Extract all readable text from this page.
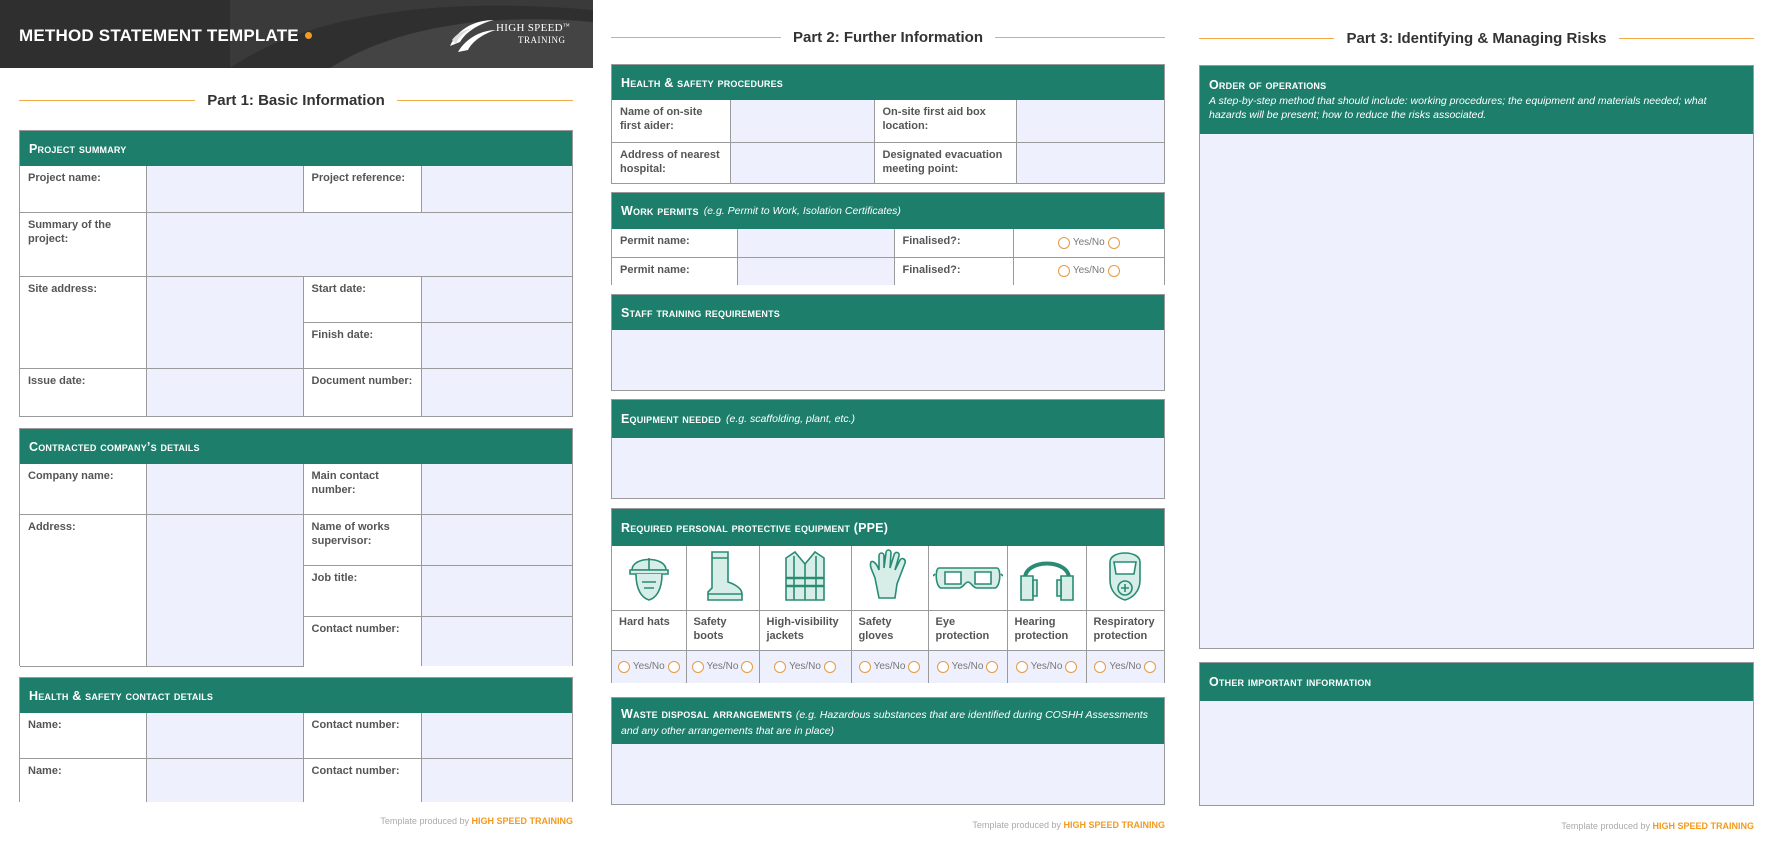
METHOD STATEMENT TEMPLATE	HIGH SPEED™
TRAINING
Part 1: Basic Information
Project summary
Project name:		Project reference:	
Summary of the project:			
Site address:		Start date:	
		Finish date:	
Issue date:		Document number:	
Contracted company’s details
Company name:		Main contact number:	
Address:		Name of works supervisor:	
		Job title:	
		Contact number:	
Health & safety contact details
Name:		Contact number:	
Name:		Contact number:	
Template produced by HIGH SPEED TRAINING
Part 2: Further Information
Health & safety procedures
Name of on-site first aider:		On-site first aid box location:	
Address of nearest hospital:		Designated evacuation meeting point:	
Work permits (e.g. Permit to Work, Isolation Certificates)
Permit name:		Finalised?:	Yes/No

Permit name:		Finalised?:	Yes/No
Staff training requirements
Equipment needed (e.g. scaffolding, plant, etc.)
Required personal protective equipment (PPE)

Hard hats	Safety boots	High-visibility jackets	Safety gloves	Eye protection	Hearing protection	Respiratory protection

Yes/No	Yes/No	Yes/No	Yes/No	Yes/No	Yes/No	Yes/No
Waste disposal arrangements (e.g. Hazardous substances that are identified during COSHH Assessments and any other arrangements that are in place)
Template produced by HIGH SPEED TRAINING
Part 3: Identifying & Managing Risks
Order of operations
A step-by-step method that should include: working procedures; the equipment and materials needed; what hazards will be present; how to reduce the risks associated.
Other important information
Template produced by HIGH SPEED TRAINING
